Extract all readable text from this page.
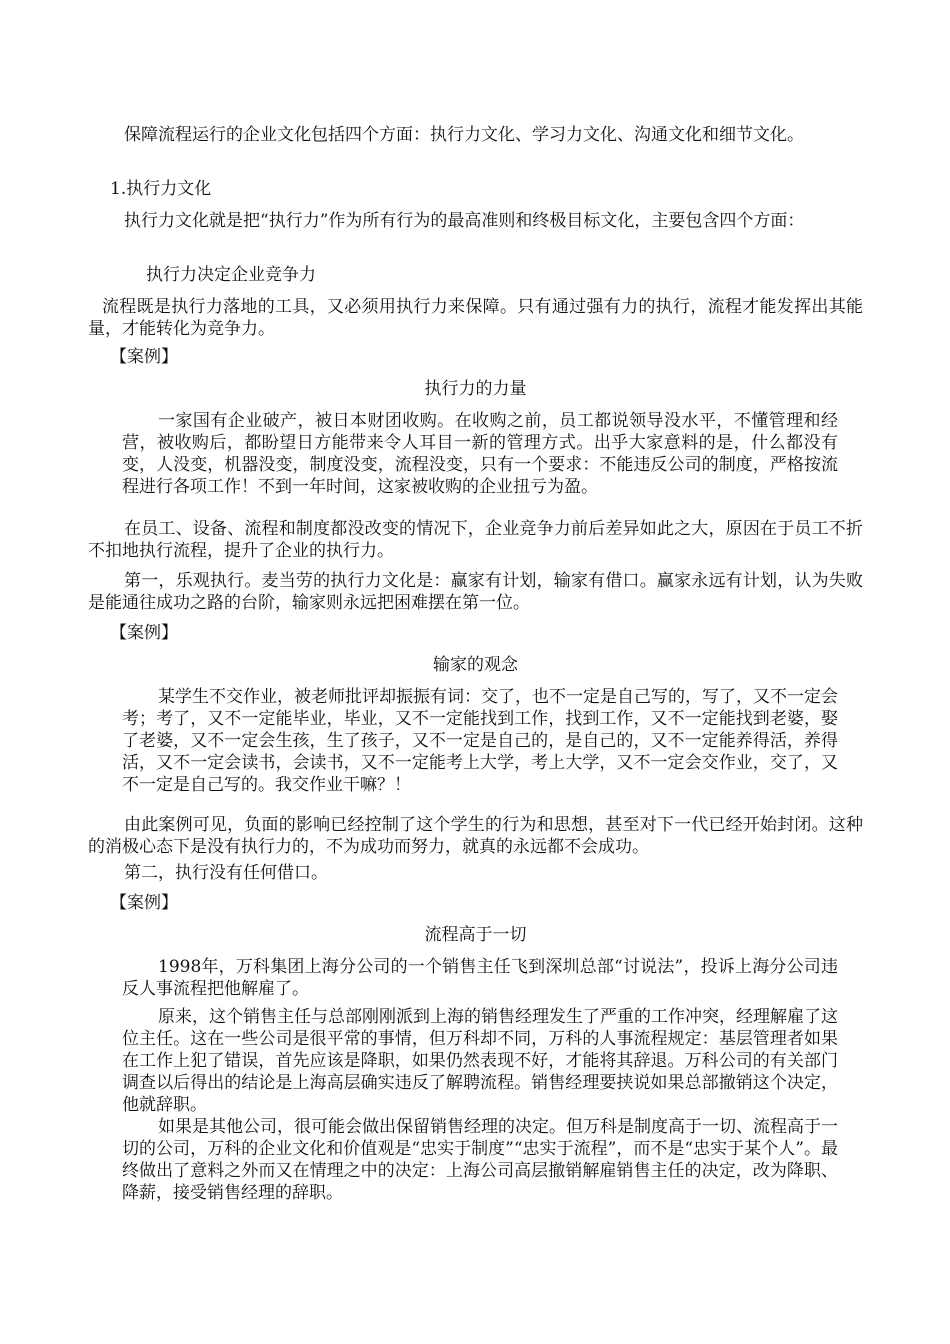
保障流程运行的企业文化包括四个方面：执行力文化、学习力文化、沟通文化和细节文化。

1.执行力文化

执行力文化就是把“执行力”作为所有行为的最高准则和终极目标文化，主要包含四个方面：

执行力决定企业竞争力

流程既是执行力落地的工具，又必须用执行力来保障。只有通过强有力的执行，流程才能发挥出其能量，才能转化为竞争力。

【案例】

执行力的力量

一家国有企业破产，被日本财团收购。在收购之前，员工都说领导没水平，不懂管理和经营，被收购后，都盼望日方能带来令人耳目一新的管理方式。出乎大家意料的是，什么都没有变，人没变，机器没变，制度没变，流程没变，只有一个要求：不能违反公司的制度，严格按流程进行各项工作！不到一年时间，这家被收购的企业扭亏为盈。

在员工、设备、流程和制度都没改变的情况下，企业竞争力前后差异如此之大，原因在于员工不折不扣地执行流程，提升了企业的执行力。

第一，乐观执行。麦当劳的执行力文化是：赢家有计划，输家有借口。赢家永远有计划，认为失败是能通往成功之路的台阶，输家则永远把困难摆在第一位。

【案例】

输家的观念

某学生不交作业，被老师批评却振振有词：交了，也不一定是自己写的，写了，又不一定会考；考了，又不一定能毕业，毕业，又不一定能找到工作，找到工作，又不一定能找到老婆，娶了老婆，又不一定会生孩，生了孩子，又不一定是自己的，是自己的，又不一定能养得活，养得活，又不一定会读书，会读书，又不一定能考上大学，考上大学，又不一定会交作业，交了，又不一定是自己写的。我交作业干嘛？！

由此案例可见，负面的影响已经控制了这个学生的行为和思想，甚至对下一代已经开始封闭。这种的消极心态下是没有执行力的，不为成功而努力，就真的永远都不会成功。

第二，执行没有任何借口。

【案例】

流程高于一切

1998年，万科集团上海分公司的一个销售主任飞到深圳总部“讨说法”，投诉上海分公司违反人事流程把他解雇了。

原来，这个销售主任与总部刚刚派到上海的销售经理发生了严重的工作冲突，经理解雇了这位主任。这在一些公司是很平常的事情，但万科却不同，万科的人事流程规定：基层管理者如果在工作上犯了错误，首先应该是降职，如果仍然表现不好，才能将其辞退。万科公司的有关部门调查以后得出的结论是上海高层确实违反了解聘流程。销售经理要挟说如果总部撤销这个决定，他就辞职。

如果是其他公司，很可能会做出保留销售经理的决定。但万科是制度高于一切、流程高于一切的公司，万科的企业文化和价值观是“忠实于制度”“忠实于流程”，而不是“忠实于某个人”。最终做出了意料之外而又在情理之中的决定：上海公司高层撤销解雇销售主任的决定，改为降职、降薪，接受销售经理的辞职。
